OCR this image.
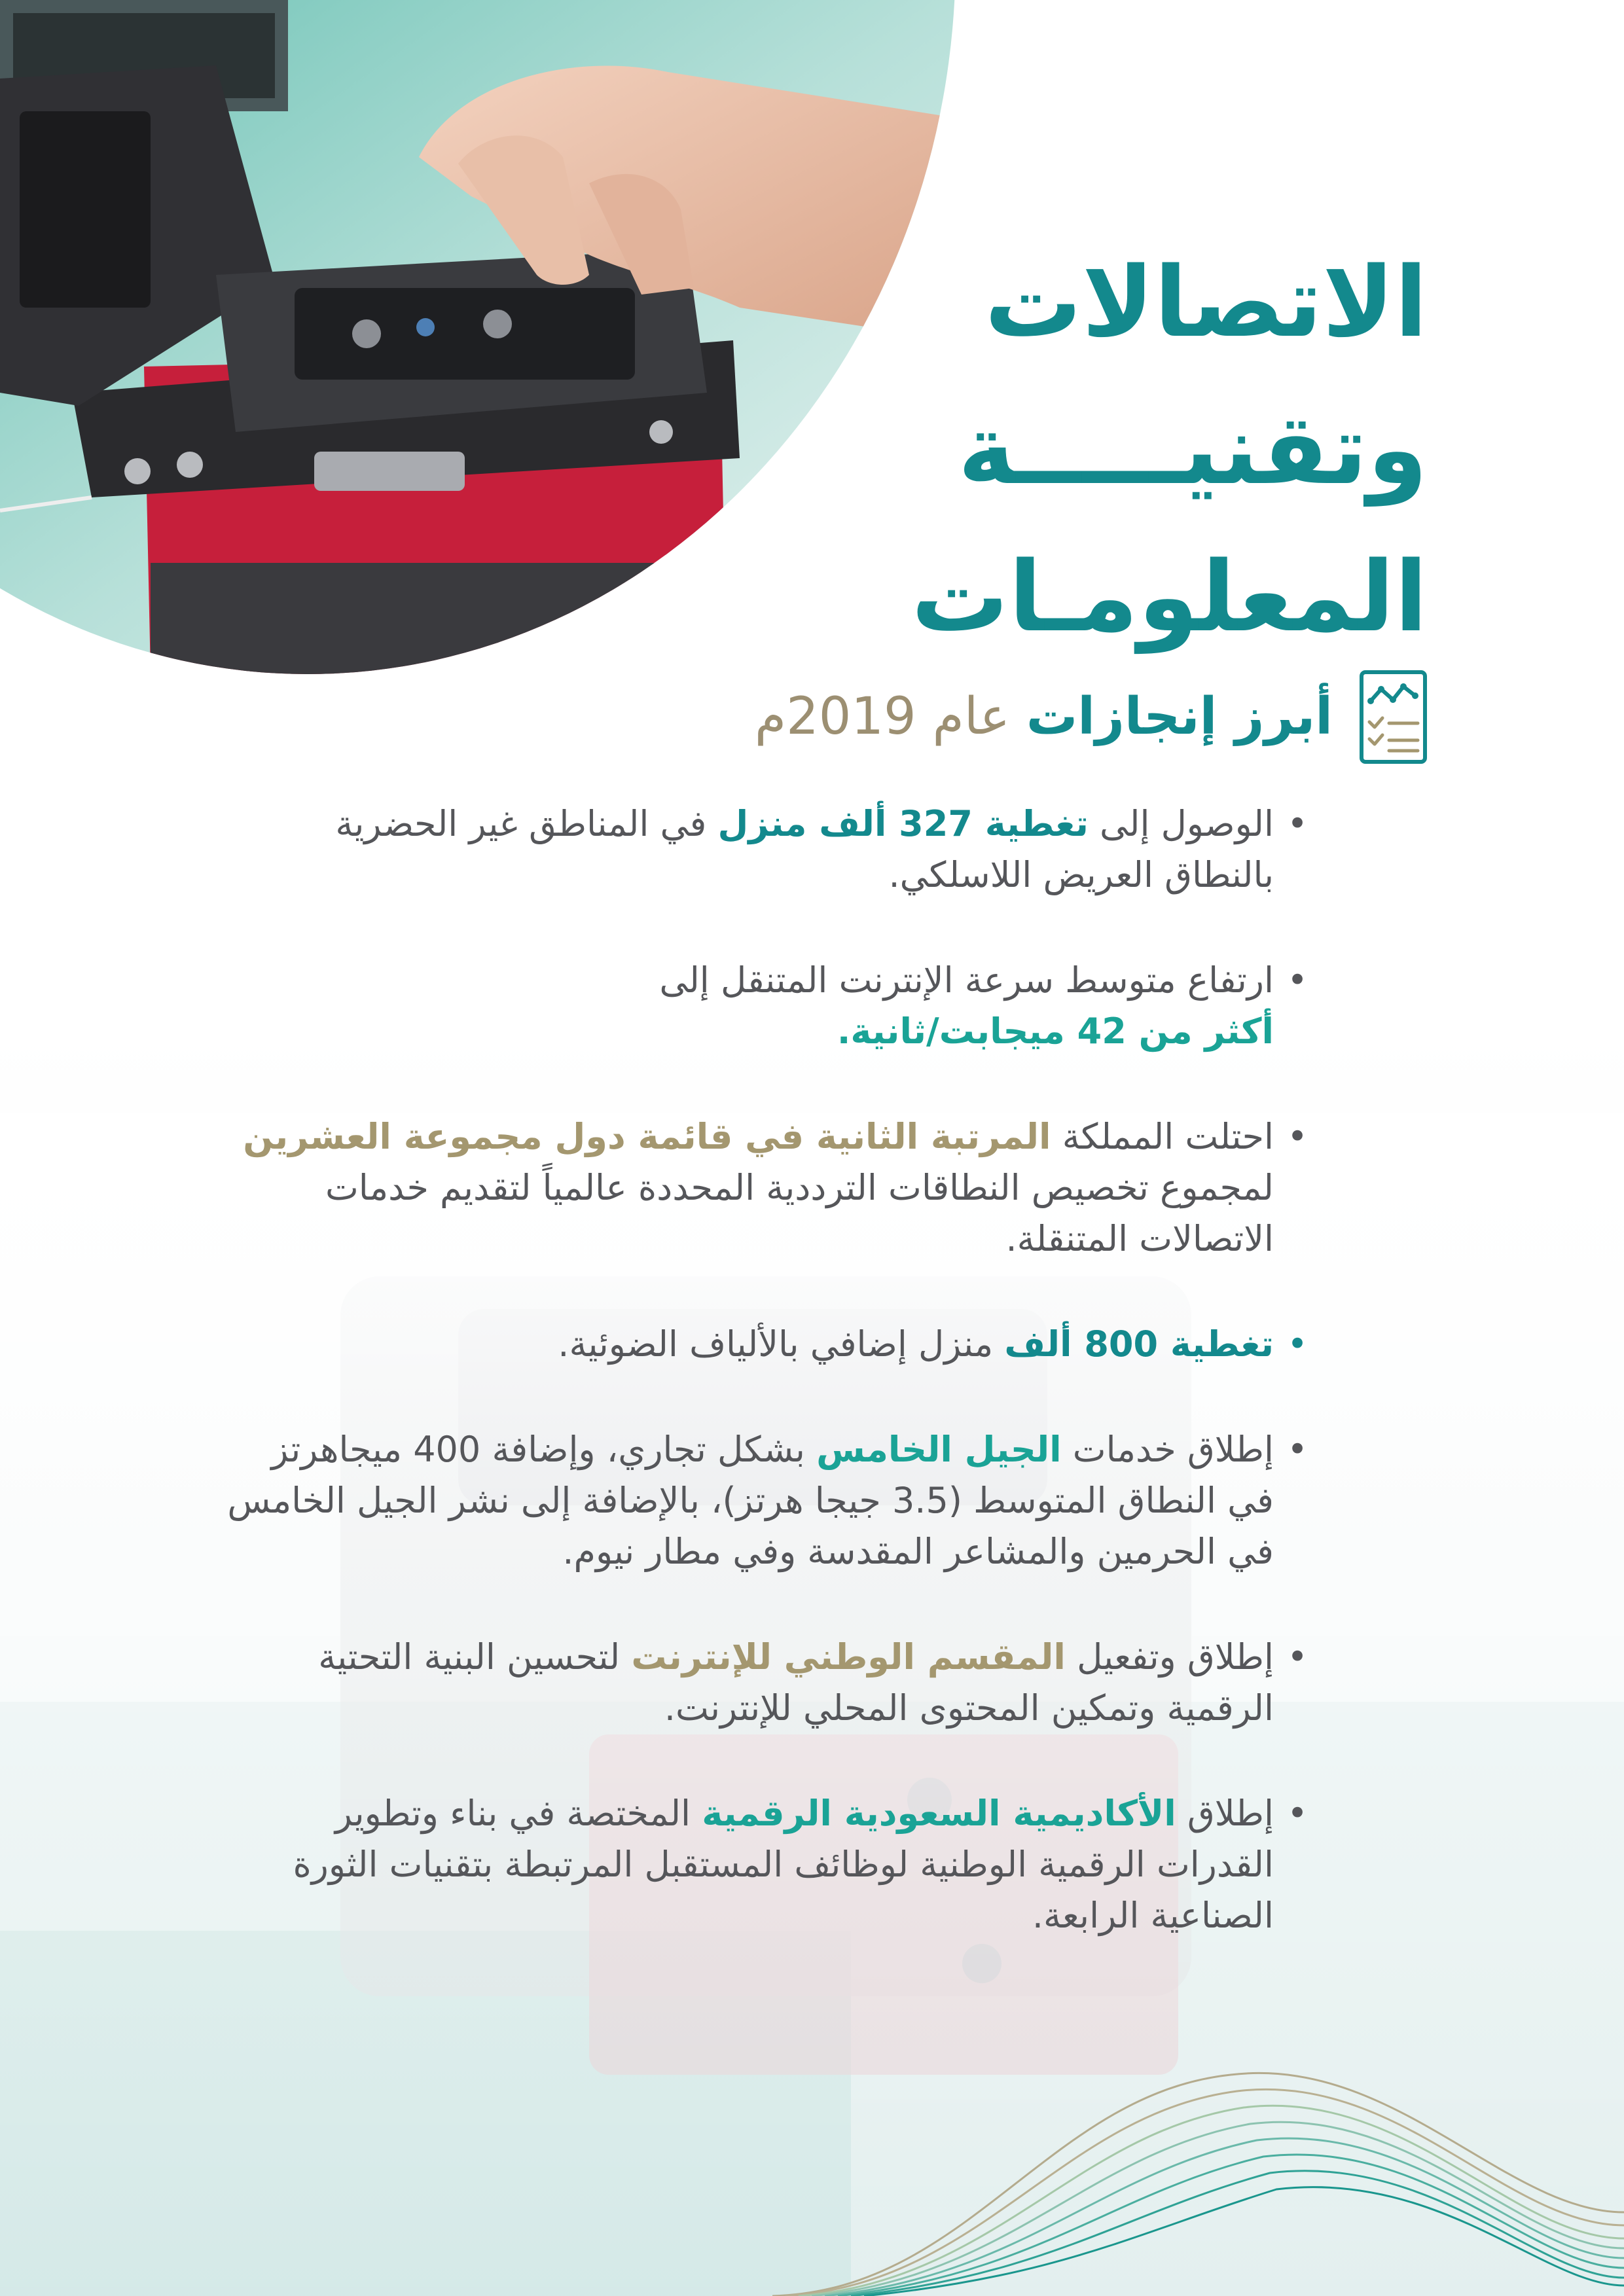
الاتصالات
وتقنيـــــة
المعلومـات
أبرز إنجازات عام 2019م
• الوصول إلى تغطية 327 ألف منزل في المناطق غير الحضرية بالنطاق العريض اللاسلكي.
• ارتفاع متوسط سرعة الإنترنت المتنقل إلى
أكثر من 42 ميجابت/ثانية.
• احتلت المملكة المرتبة الثانية في قائمة دول مجموعة العشرين لمجموع تخصيص النطاقات الترددية المحددة عالمياً لتقديم خدمات الاتصالات المتنقلة.
• تغطية 800 ألف منزل إضافي بالألياف الضوئية.
• إطلاق خدمات الجيل الخامس بشكل تجاري، وإضافة 400 ميجاهرتز في النطاق المتوسط (3.5 جيجا هرتز)، بالإضافة إلى نشر الجيل الخامس في الحرمين والمشاعر المقدسة وفي مطار نيوم.
• إطلاق وتفعيل المقسم الوطني للإنترنت لتحسين البنية التحتية الرقمية وتمكين المحتوى المحلي للإنترنت.
• إطلاق الأكاديمية السعودية الرقمية المختصة في بناء وتطوير القدرات الرقمية الوطنية لوظائف المستقبل المرتبطة بتقنيات الثورة الصناعية الرابعة.
